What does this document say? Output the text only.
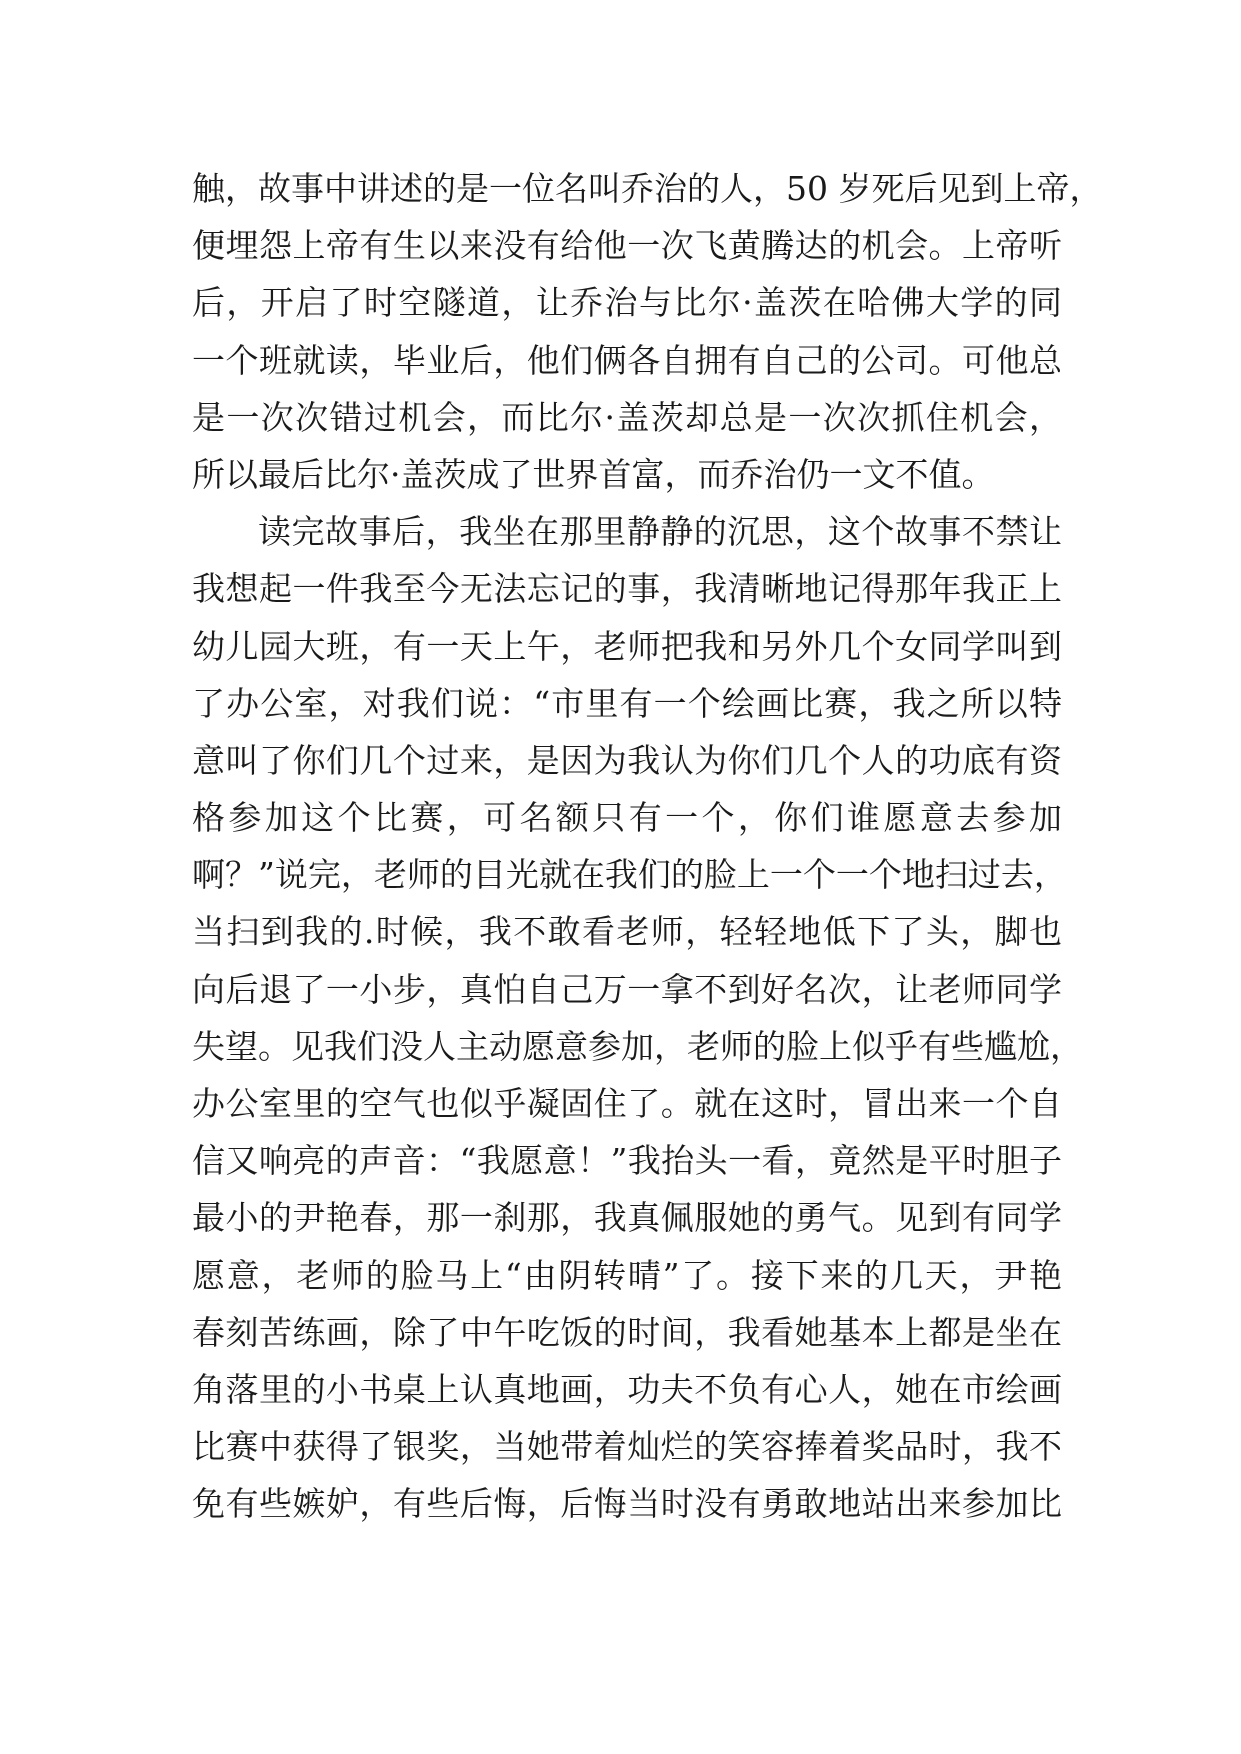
触，故事中讲述的是一位名叫乔治的人，50 岁死后见到上帝，
便埋怨上帝有生以来没有给他一次飞黄腾达的机会。上帝听
后，开启了时空隧道，让乔治与比尔·盖茨在哈佛大学的同
一个班就读，毕业后，他们俩各自拥有自己的公司。可他总
是一次次错过机会，而比尔·盖茨却总是一次次抓住机会，
所以最后比尔·盖茨成了世界首富，而乔治仍一文不值。
读完故事后，我坐在那里静静的沉思，这个故事不禁让
我想起一件我至今无法忘记的事，我清晰地记得那年我正上
幼儿园大班，有一天上午，老师把我和另外几个女同学叫到
了办公室，对我们说：“市里有一个绘画比赛，我之所以特
意叫了你们几个过来，是因为我认为你们几个人的功底有资
格参加这个比赛，可名额只有一个，你们谁愿意去参加
啊？”说完，老师的目光就在我们的脸上一个一个地扫过去，
当扫到我的.时候，我不敢看老师，轻轻地低下了头，脚也
向后退了一小步，真怕自己万一拿不到好名次，让老师同学
失望。见我们没人主动愿意参加，老师的脸上似乎有些尴尬，
办公室里的空气也似乎凝固住了。就在这时，冒出来一个自
信又响亮的声音：“我愿意！”我抬头一看，竟然是平时胆子
最小的尹艳春，那一刹那，我真佩服她的勇气。见到有同学
愿意，老师的脸马上“由阴转晴”了。接下来的几天，尹艳
春刻苦练画，除了中午吃饭的时间，我看她基本上都是坐在
角落里的小书桌上认真地画，功夫不负有心人，她在市绘画
比赛中获得了银奖，当她带着灿烂的笑容捧着奖品时，我不
免有些嫉妒，有些后悔，后悔当时没有勇敢地站出来参加比
